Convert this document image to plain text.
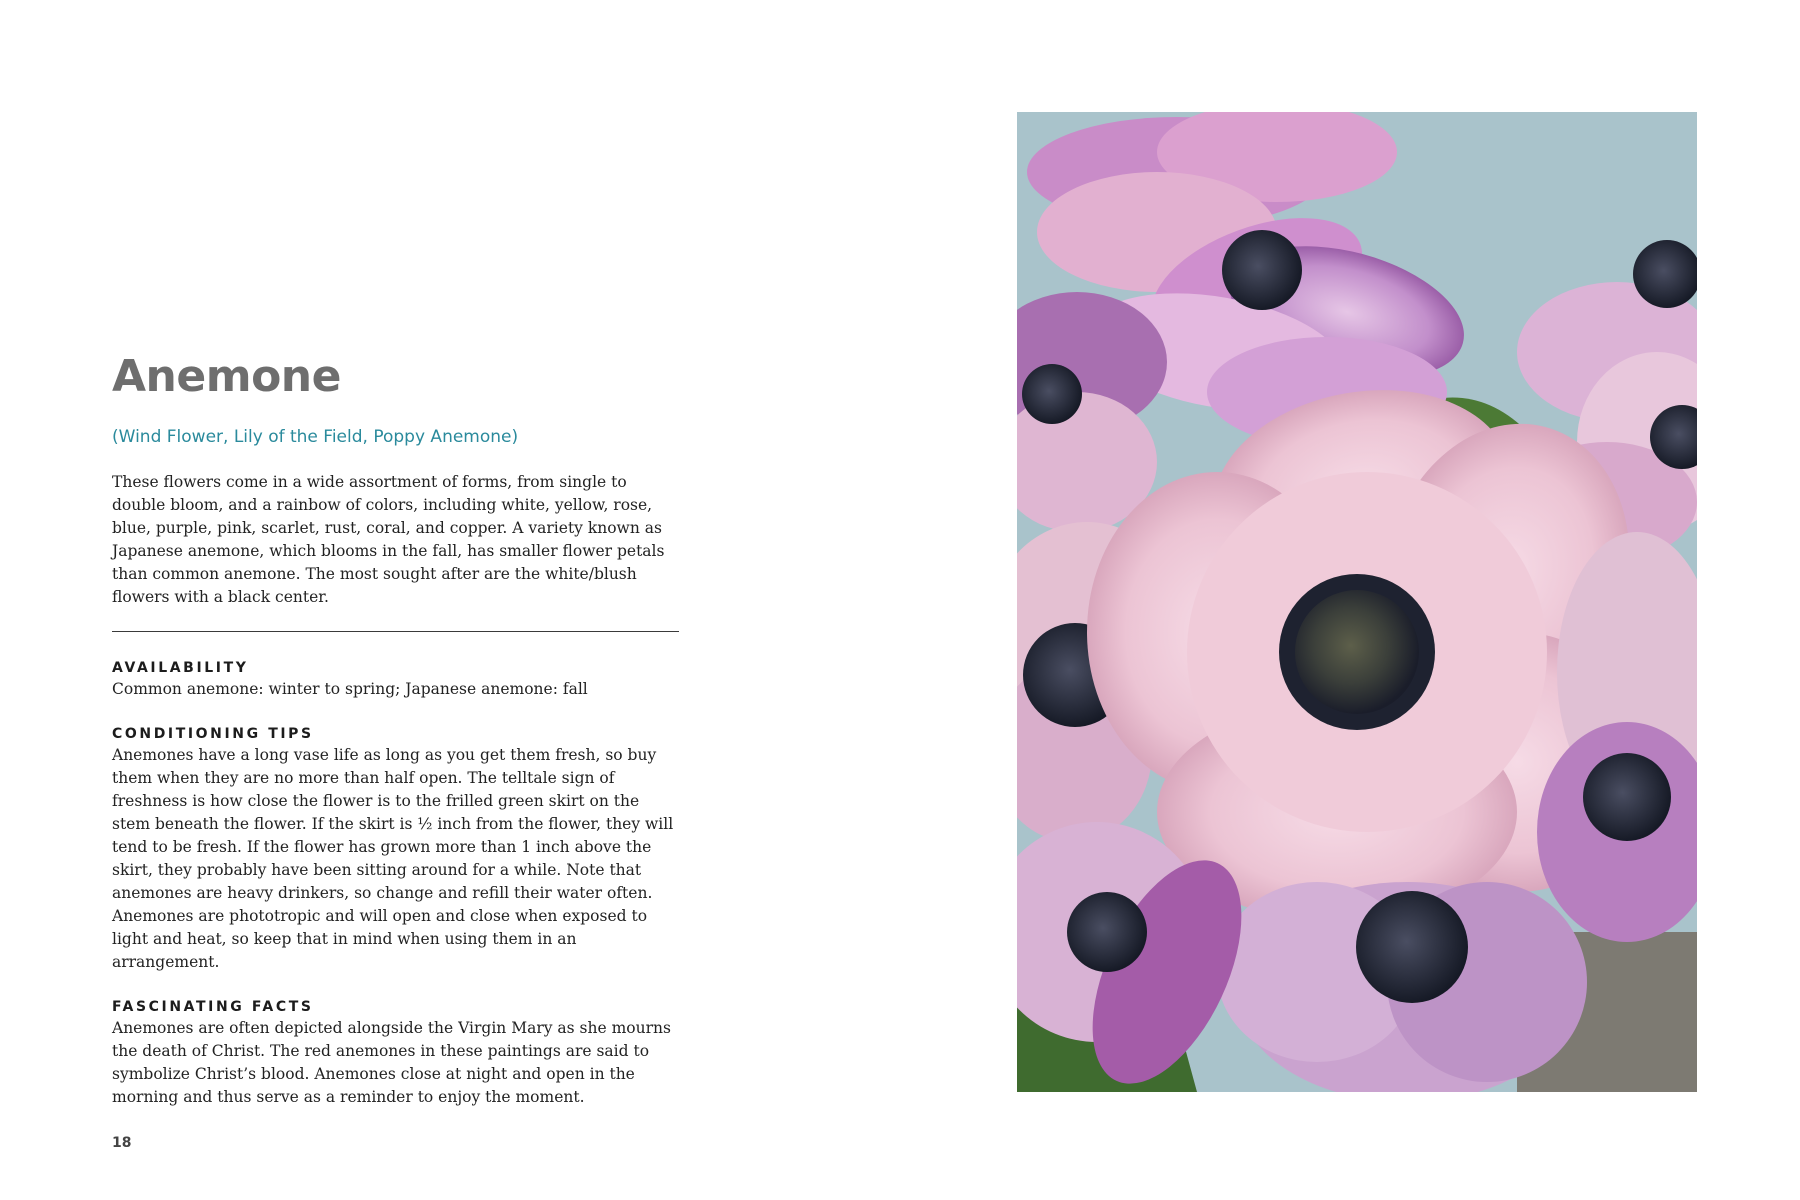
Anemone
(Wind Flower, Lily of the Field, Poppy Anemone)

These flowers come in a wide assortment of forms, from single to double bloom, and a rainbow of colors, including white, yellow, rose, blue, purple, pink, scarlet, rust, coral, and copper. A variety known as Japanese anemone, which blooms in the fall, has smaller flower petals than common anemone. The most sought after are the white/blush flowers with a black center.

AVAILABILITY

Common anemone: winter to spring; Japanese anemone: fall

CONDITIONING TIPS

Anemones have a long vase life as long as you get them fresh, so buy them when they are no more than half open. The telltale sign of freshness is how close the flower is to the frilled green skirt on the stem beneath the flower. If the skirt is ½ inch from the flower, they will tend to be fresh. If the flower has grown more than 1 inch above the skirt, they probably have been sitting around for a while. Note that anemones are heavy drinkers, so change and refill their water often. Anemones are phototropic and will open and close when exposed to light and heat, so keep that in mind when using them in an arrangement.

FASCINATING FACTS

Anemones are often depicted alongside the Virgin Mary as she mourns the death of Christ. The red anemones in these paintings are said to symbolize Christ’s blood. Anemones close at night and open in the morning and thus serve as a reminder to enjoy the moment.

18
